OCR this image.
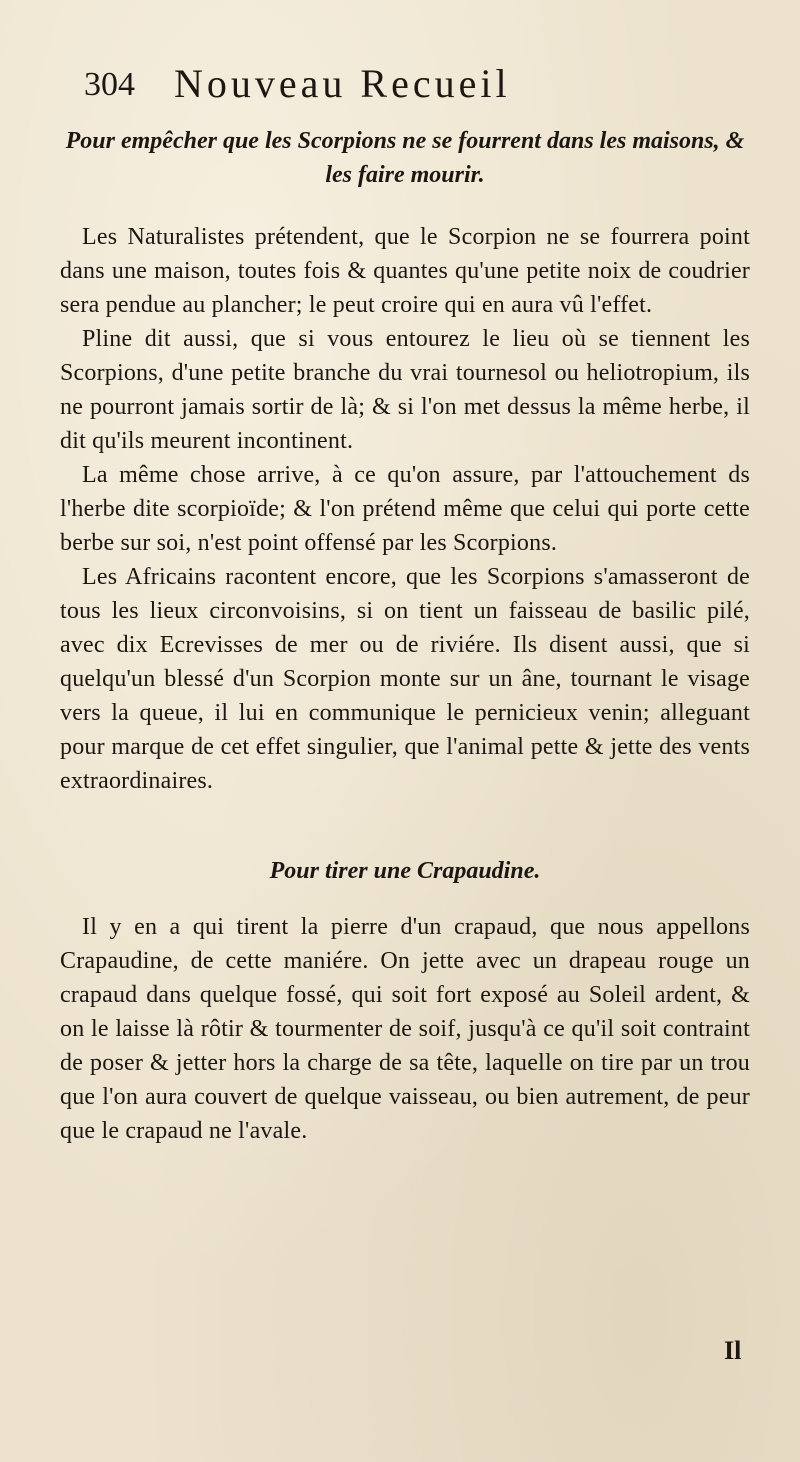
304 Nouveau Recueil
Pour empêcher que les Scorpions ne se fourrent dans les maisons, & les faire mourir.

Les Naturalistes prétendent, que le Scorpion ne se fourrera point dans une maison, toutes fois & quantes qu'une petite noix de coudrier sera pendue au plancher; le peut croire qui en aura vû l'effet.

Pline dit aussi, que si vous entourez le lieu où se tiennent les Scorpions, d'une petite branche du vrai tournesol ou heliotropium, ils ne pourront jamais sortir de là; & si l'on met dessus la même herbe, il dit qu'ils meurent incontinent.

La même chose arrive, à ce qu'on assure, par l'attouchement ds l'herbe dite scorpioïde; & l'on prétend même que celui qui porte cette berbe sur soi, n'est point offensé par les Scorpions.

Les Africains racontent encore, que les Scorpions s'amasseront de tous les lieux circonvoisins, si on tient un faisseau de basilic pilé, avec dix Ecrevisses de mer ou de riviére. Ils disent aussi, que si quelqu'un blessé d'un Scorpion monte sur un âne, tournant le visage vers la queue, il lui en communique le pernicieux venin; alleguant pour marque de cet effet singulier, que l'animal pette & jette des vents extraordinaires.

Pour tirer une Crapaudine.

Il y en a qui tirent la pierre d'un crapaud, que nous appellons Crapaudine, de cette maniére. On jette avec un drapeau rouge un crapaud dans quelque fossé, qui soit fort exposé au Soleil ardent, & on le laisse là rôtir & tourmenter de soif, jusqu'à ce qu'il soit contraint de poser & jetter hors la charge de sa tête, laquelle on tire par un trou que l'on aura couvert de quelque vaisseau, ou bien autrement, de peur que le crapaud ne l'avale.

Il
